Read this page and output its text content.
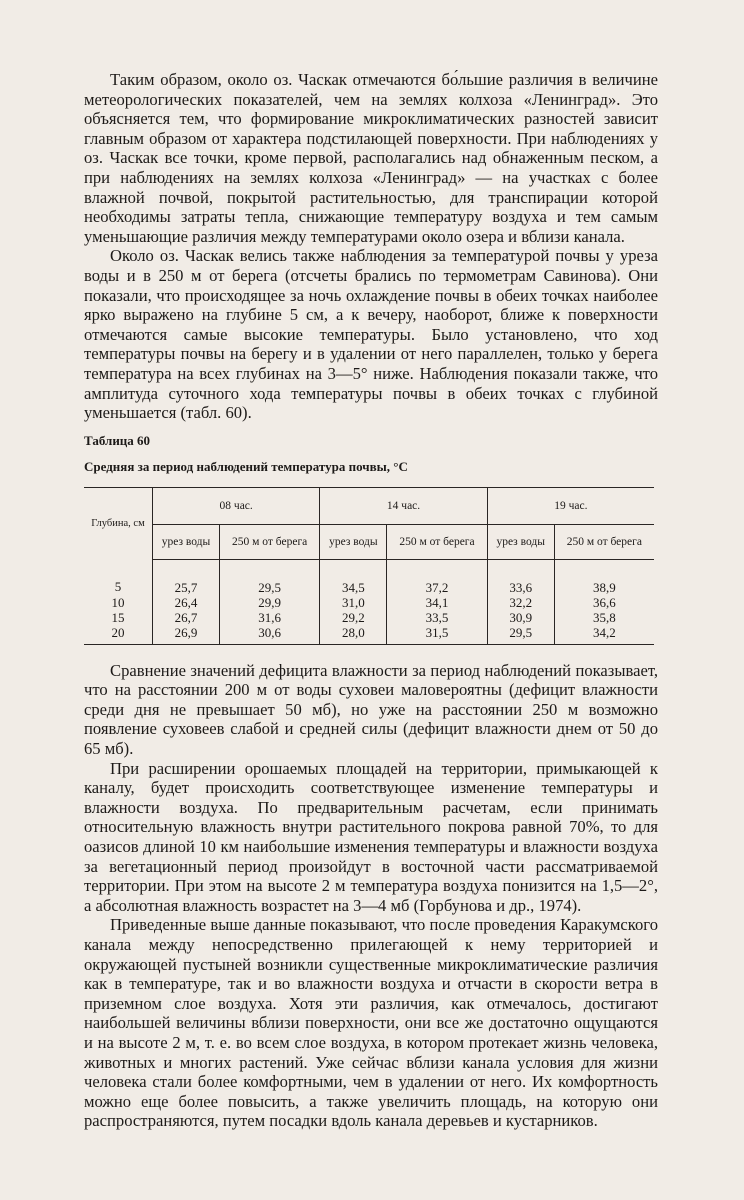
Таким образом, около оз. Часкак отмечаются бо́льшие различия в величине метеорологических показателей, чем на землях колхоза «Ленинград». Это объясняется тем, что формирование микроклиматических разностей зависит главным образом от характера подстилающей поверхности. При наблюдениях у оз. Часкак все точки, кроме первой, располагались над обнаженным песком, а при наблюдениях на землях колхоза «Ленинград» — на участках с более влажной почвой, покрытой растительностью, для транспирации которой необходимы затраты тепла, снижающие температуру воздуха и тем самым уменьшающие различия между температурами около озера и вблизи канала.

Около оз. Часкак велись также наблюдения за температурой почвы у уреза воды и в 250 м от берега (отсчеты брались по термометрам Савинова). Они показали, что происходящее за ночь охлаждение почвы в обеих точках наиболее ярко выражено на глубине 5 см, а к вечеру, наоборот, ближе к поверхности отмечаются самые высокие температуры. Было установлено, что ход температуры почвы на берегу и в удалении от него параллелен, только у берега температура на всех глубинах на 3—5° ниже. Наблюдения показали также, что амплитуда суточного хода температуры почвы в обеих точках с глубиной уменьшается (табл. 60).

Таблица 60
Средняя за период наблюдений температура почвы, °С
Глубина, см	08 час.		14 час.		19 час.	
	урез воды	250 м от берега	урез воды	250 м от берега	урез воды	250 м от берега
5	25,7	29,5	34,5	37,2	33,6	38,9
10	26,4	29,9	31,0	34,1	32,2	36,6
15	26,7	31,6	29,2	33,5	30,9	35,8
20	26,9	30,6	28,0	31,5	29,5	34,2

Сравнение значений дефицита влажности за период наблюдений показывает, что на расстоянии 200 м от воды суховеи маловероятны (дефицит влажности среди дня не превышает 50 мб), но уже на расстоянии 250 м возможно появление суховеев слабой и средней силы (дефицит влажности днем от 50 до 65 мб).

При расширении орошаемых площадей на территории, примыкающей к каналу, будет происходить соответствующее изменение температуры и влажности воздуха. По предварительным расчетам, если принимать относительную влажность внутри растительного покрова равной 70%, то для оазисов длиной 10 км наибольшие изменения температуры и влажности воздуха за вегетационный период произойдут в восточной части рассматриваемой территории. При этом на высоте 2 м температура воздуха понизится на 1,5—2°, а абсолютная влажность возрастет на 3—4 мб (Горбунова и др., 1974).

Приведенные выше данные показывают, что после проведения Каракумского канала между непосредственно прилегающей к нему территорией и окружающей пустыней возникли существенные микроклиматические различия как в температуре, так и во влажности воздуха и отчасти в скорости ветра в приземном слое воздуха. Хотя эти различия, как отмечалось, достигают наибольшей величины вблизи поверхности, они все же достаточно ощущаются и на высоте 2 м, т. е. во всем слое воздуха, в котором протекает жизнь человека, животных и многих растений. Уже сейчас вблизи канала условия для жизни человека стали более комфортными, чем в удалении от него. Их комфортность можно еще более повысить, а также увеличить площадь, на которую они распространяются, путем посадки вдоль канала деревьев и кустарников.
